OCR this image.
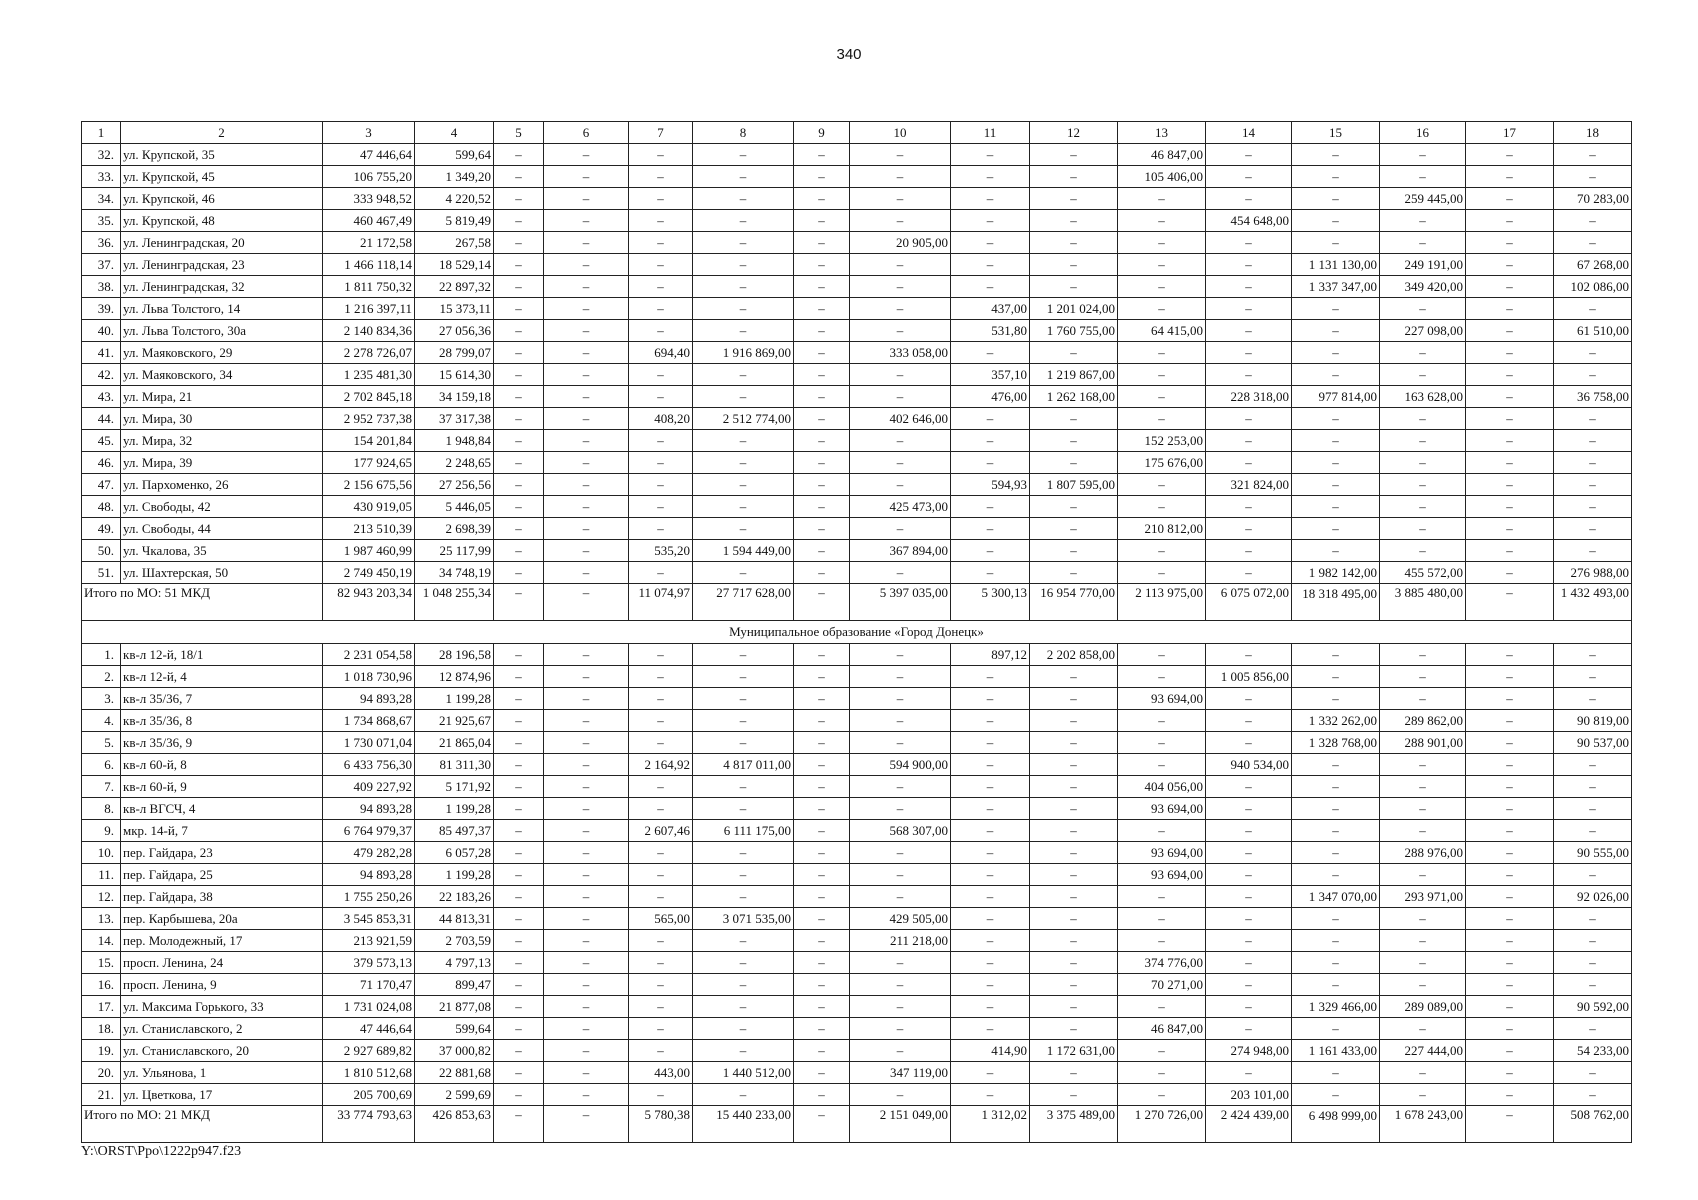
340
1	2	3	4	5	6	7	8	9	10	11	12	13	14	15	16	17	18
32.	ул. Крупской, 35	47 446,64	599,64	–	–	–	–	–	–	–	–	46 847,00	–	–	–	–	–
33.	ул. Крупской, 45	106 755,20	1 349,20	–	–	–	–	–	–	–	–	105 406,00	–	–	–	–	–
34.	ул. Крупской, 46	333 948,52	4 220,52	–	–	–	–	–	–	–	–	–	–	–	259 445,00	–	70 283,00
35.	ул. Крупской, 48	460 467,49	5 819,49	–	–	–	–	–	–	–	–	–	454 648,00	–	–	–	–
36.	ул. Ленинградская, 20	21 172,58	267,58	–	–	–	–	–	20 905,00	–	–	–	–	–	–	–	–
37.	ул. Ленинградская, 23	1 466 118,14	18 529,14	–	–	–	–	–	–	–	–	–	–	1 131 130,00	249 191,00	–	67 268,00
38.	ул. Ленинградская, 32	1 811 750,32	22 897,32	–	–	–	–	–	–	–	–	–	–	1 337 347,00	349 420,00	–	102 086,00
39.	ул. Льва Толстого, 14	1 216 397,11	15 373,11	–	–	–	–	–	–	437,00	1 201 024,00	–	–	–	–	–	–
40.	ул. Льва Толстого, 30а	2 140 834,36	27 056,36	–	–	–	–	–	–	531,80	1 760 755,00	64 415,00	–	–	227 098,00	–	61 510,00
41.	ул. Маяковского, 29	2 278 726,07	28 799,07	–	–	694,40	1 916 869,00	–	333 058,00	–	–	–	–	–	–	–	–
42.	ул. Маяковского, 34	1 235 481,30	15 614,30	–	–	–	–	–	–	357,10	1 219 867,00	–	–	–	–	–	–
43.	ул. Мира, 21	2 702 845,18	34 159,18	–	–	–	–	–	–	476,00	1 262 168,00	–	228 318,00	977 814,00	163 628,00	–	36 758,00
44.	ул. Мира, 30	2 952 737,38	37 317,38	–	–	408,20	2 512 774,00	–	402 646,00	–	–	–	–	–	–	–	–
45.	ул. Мира, 32	154 201,84	1 948,84	–	–	–	–	–	–	–	–	152 253,00	–	–	–	–	–
46.	ул. Мира, 39	177 924,65	2 248,65	–	–	–	–	–	–	–	–	175 676,00	–	–	–	–	–
47.	ул. Пархоменко, 26	2 156 675,56	27 256,56	–	–	–	–	–	–	594,93	1 807 595,00	–	321 824,00	–	–	–	–
48.	ул. Свободы, 42	430 919,05	5 446,05	–	–	–	–	–	425 473,00	–	–	–	–	–	–	–	–
49.	ул. Свободы, 44	213 510,39	2 698,39	–	–	–	–	–	–	–	–	210 812,00	–	–	–	–	–
50.	ул. Чкалова, 35	1 987 460,99	25 117,99	–	–	535,20	1 594 449,00	–	367 894,00	–	–	–	–	–	–	–	–
51.	ул. Шахтерская, 50	2 749 450,19	34 748,19	–	–	–	–	–	–	–	–	–	–	1 982 142,00	455 572,00	–	276 988,00
Итого по МО: 51 МКД		82 943 203,34	1 048 255,34	–	–	11 074,97	27 717 628,00	–	5 397 035,00	5 300,13	16 954 770,00	2 113 975,00	6 075 072,00	18 318 495,00	3 885 480,00	–	1 432 493,00
Муниципальное образование «Город Донецк»																	
1.	кв-л 12-й, 18/1	2 231 054,58	28 196,58	–	–	–	–	–	–	897,12	2 202 858,00	–	–	–	–	–	–
2.	кв-л 12-й, 4	1 018 730,96	12 874,96	–	–	–	–	–	–	–	–	–	1 005 856,00	–	–	–	–
3.	кв-л 35/36, 7	94 893,28	1 199,28	–	–	–	–	–	–	–	–	93 694,00	–	–	–	–	–
4.	кв-л 35/36, 8	1 734 868,67	21 925,67	–	–	–	–	–	–	–	–	–	–	1 332 262,00	289 862,00	–	90 819,00
5.	кв-л 35/36, 9	1 730 071,04	21 865,04	–	–	–	–	–	–	–	–	–	–	1 328 768,00	288 901,00	–	90 537,00
6.	кв-л 60-й, 8	6 433 756,30	81 311,30	–	–	2 164,92	4 817 011,00	–	594 900,00	–	–	–	940 534,00	–	–	–	–
7.	кв-л 60-й, 9	409 227,92	5 171,92	–	–	–	–	–	–	–	–	404 056,00	–	–	–	–	–
8.	кв-л ВГСЧ, 4	94 893,28	1 199,28	–	–	–	–	–	–	–	–	93 694,00	–	–	–	–	–
9.	мкр. 14-й, 7	6 764 979,37	85 497,37	–	–	2 607,46	6 111 175,00	–	568 307,00	–	–	–	–	–	–	–	–
10.	пер. Гайдара, 23	479 282,28	6 057,28	–	–	–	–	–	–	–	–	93 694,00	–	–	288 976,00	–	90 555,00
11.	пер. Гайдара, 25	94 893,28	1 199,28	–	–	–	–	–	–	–	–	93 694,00	–	–	–	–	–
12.	пер. Гайдара, 38	1 755 250,26	22 183,26	–	–	–	–	–	–	–	–	–	–	1 347 070,00	293 971,00	–	92 026,00
13.	пер. Карбышева, 20а	3 545 853,31	44 813,31	–	–	565,00	3 071 535,00	–	429 505,00	–	–	–	–	–	–	–	–
14.	пер. Молодежный, 17	213 921,59	2 703,59	–	–	–	–	–	211 218,00	–	–	–	–	–	–	–	–
15.	просп. Ленина, 24	379 573,13	4 797,13	–	–	–	–	–	–	–	–	374 776,00	–	–	–	–	–
16.	просп. Ленина, 9	71 170,47	899,47	–	–	–	–	–	–	–	–	70 271,00	–	–	–	–	–
17.	ул. Максима Горького, 33	1 731 024,08	21 877,08	–	–	–	–	–	–	–	–	–	–	1 329 466,00	289 089,00	–	90 592,00
18.	ул. Станиславского, 2	47 446,64	599,64	–	–	–	–	–	–	–	–	46 847,00	–	–	–	–	–
19.	ул. Станиславского, 20	2 927 689,82	37 000,82	–	–	–	–	–	–	414,90	1 172 631,00	–	274 948,00	1 161 433,00	227 444,00	–	54 233,00
20.	ул. Ульянова, 1	1 810 512,68	22 881,68	–	–	443,00	1 440 512,00	–	347 119,00	–	–	–	–	–	–	–	–
21.	ул. Цветкова, 17	205 700,69	2 599,69	–	–	–	–	–	–	–	–	–	203 101,00	–	–	–	–
Итого по МО: 21 МКД		33 774 793,63	426 853,63	–	–	5 780,38	15 440 233,00	–	2 151 049,00	1 312,02	3 375 489,00	1 270 726,00	2 424 439,00	6 498 999,00	1 678 243,00	–	508 762,00
Y:\ORST\Ppo\1222p947.f23
